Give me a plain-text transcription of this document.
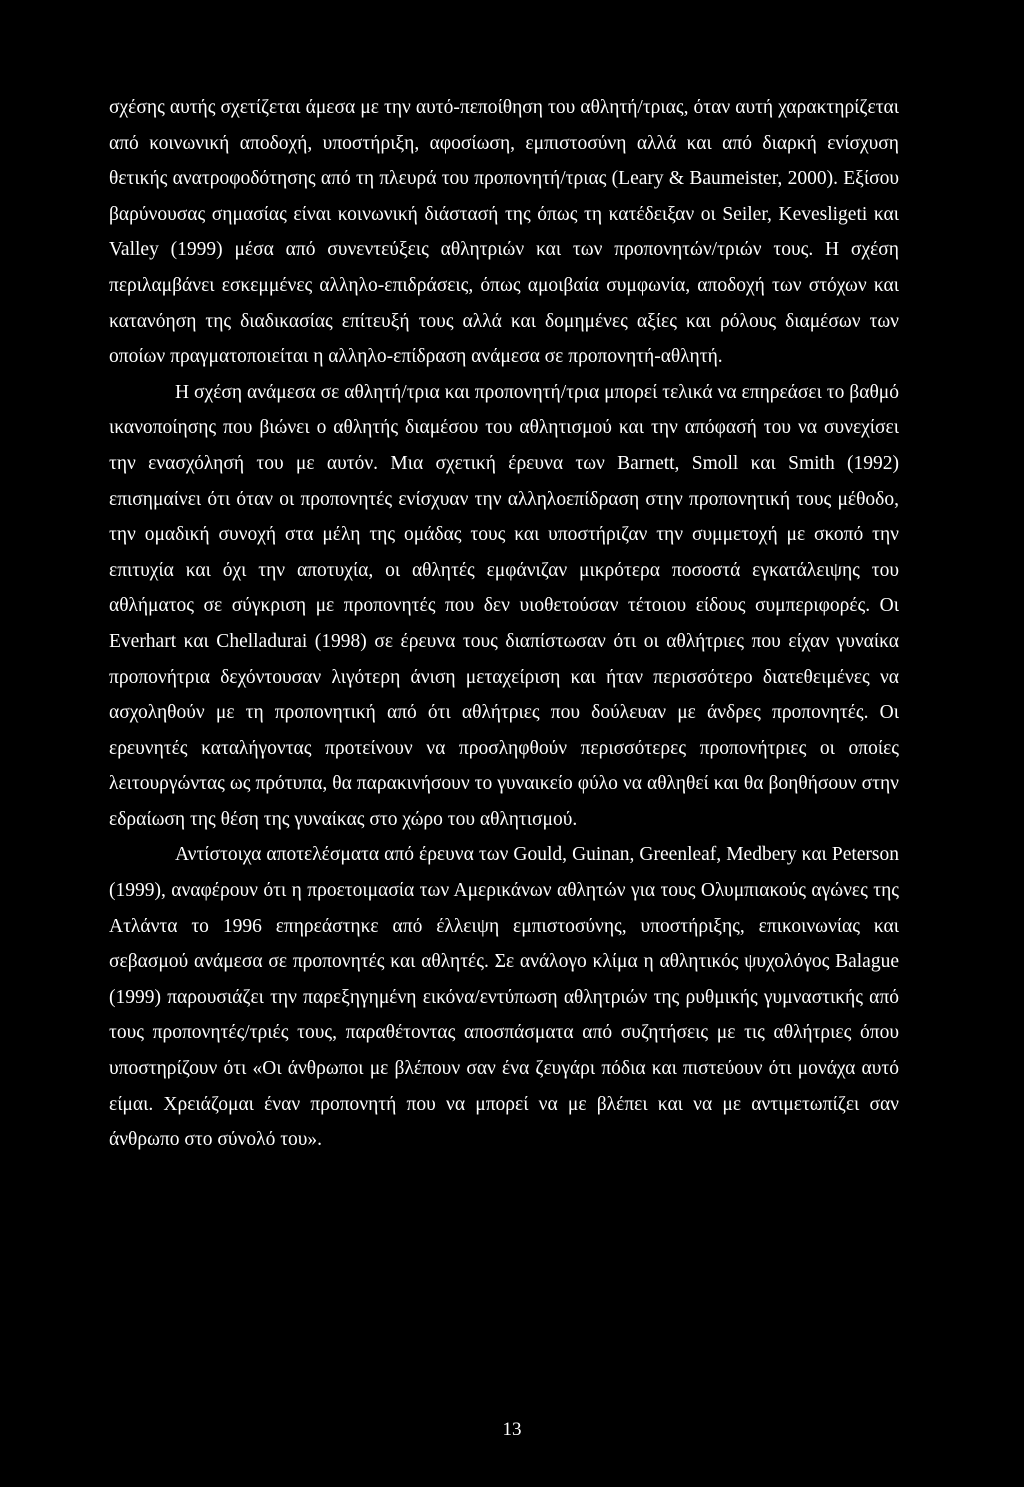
σχέσης αυτής σχετίζεται άμεσα με την αυτό-πεποίθηση του αθλητή/τριας, όταν αυτή χαρακτηρίζεται από κοινωνική αποδοχή, υποστήριξη, αφοσίωση, εμπιστοσύνη αλλά και από διαρκή ενίσχυση θετικής ανατροφοδότησης από τη πλευρά του προπονητή/τριας (Leary & Baumeister, 2000). Εξίσου βαρύνουσας σημασίας είναι κοινωνική διάστασή της όπως τη κατέδειξαν οι Seiler, Kevesligeti και Valley (1999) μέσα από συνεντεύξεις αθλητριών και των προπονητών/τριών τους. Η σχέση περιλαμβάνει εσκεμμένες αλληλο-επιδράσεις, όπως αμοιβαία συμφωνία, αποδοχή των στόχων και κατανόηση της διαδικασίας επίτευξή τους αλλά και δομημένες αξίες και ρόλους διαμέσων των οποίων πραγματοποιείται η αλληλο-επίδραση ανάμεσα σε προπονητή-αθλητή.

Η σχέση ανάμεσα σε αθλητή/τρια και προπονητή/τρια μπορεί τελικά να επηρεάσει το βαθμό ικανοποίησης που βιώνει ο αθλητής διαμέσου του αθλητισμού και την απόφασή του να συνεχίσει την ενασχόλησή του με αυτόν. Μια σχετική έρευνα των Barnett, Smoll και Smith (1992) επισημαίνει ότι όταν οι προπονητές ενίσχυαν την αλληλοεπίδραση στην προπονητική τους μέθοδο, την ομαδική συνοχή στα μέλη της ομάδας τους και υποστήριζαν την συμμετοχή με σκοπό την επιτυχία και όχι την αποτυχία, οι αθλητές εμφάνιζαν μικρότερα ποσοστά εγκατάλειψης του αθλήματος σε σύγκριση με προπονητές που δεν υιοθετούσαν τέτοιου είδους συμπεριφορές. Οι Everhart και Chelladurai (1998) σε έρευνα τους διαπίστωσαν ότι οι αθλήτριες που είχαν γυναίκα προπονήτρια δεχόντουσαν λιγότερη άνιση μεταχείριση και ήταν περισσότερο διατεθειμένες να ασχοληθούν με τη προπονητική από ότι αθλήτριες που δούλευαν με άνδρες προπονητές. Οι ερευνητές καταλήγοντας προτείνουν να προσληφθούν περισσότερες προπονήτριες οι οποίες λειτουργώντας ως πρότυπα, θα παρακινήσουν το γυναικείο φύλο να αθληθεί και θα βοηθήσουν στην εδραίωση της θέση της γυναίκας στο χώρο του αθλητισμού.

Αντίστοιχα αποτελέσματα από έρευνα των Gould, Guinan, Greenleaf, Medbery και Peterson (1999), αναφέρουν ότι η προετοιμασία των Αμερικάνων αθλητών για τους Ολυμπιακούς αγώνες της Ατλάντα το 1996 επηρεάστηκε από έλλειψη εμπιστοσύνης, υποστήριξης, επικοινωνίας και σεβασμού ανάμεσα σε προπονητές και αθλητές. Σε ανάλογο κλίμα η αθλητικός ψυχολόγος Balague (1999) παρουσιάζει την παρεξηγημένη εικόνα/εντύπωση αθλητριών της ρυθμικής γυμναστικής από τους προπονητές/τριές τους, παραθέτοντας αποσπάσματα από συζητήσεις με τις αθλήτριες όπου υποστηρίζουν ότι «Οι άνθρωποι με βλέπουν σαν ένα ζευγάρι πόδια και πιστεύουν ότι μονάχα αυτό είμαι. Χρειάζομαι έναν προπονητή που να μπορεί να με βλέπει και να με αντιμετωπίζει σαν άνθρωπο στο σύνολό του».

13
